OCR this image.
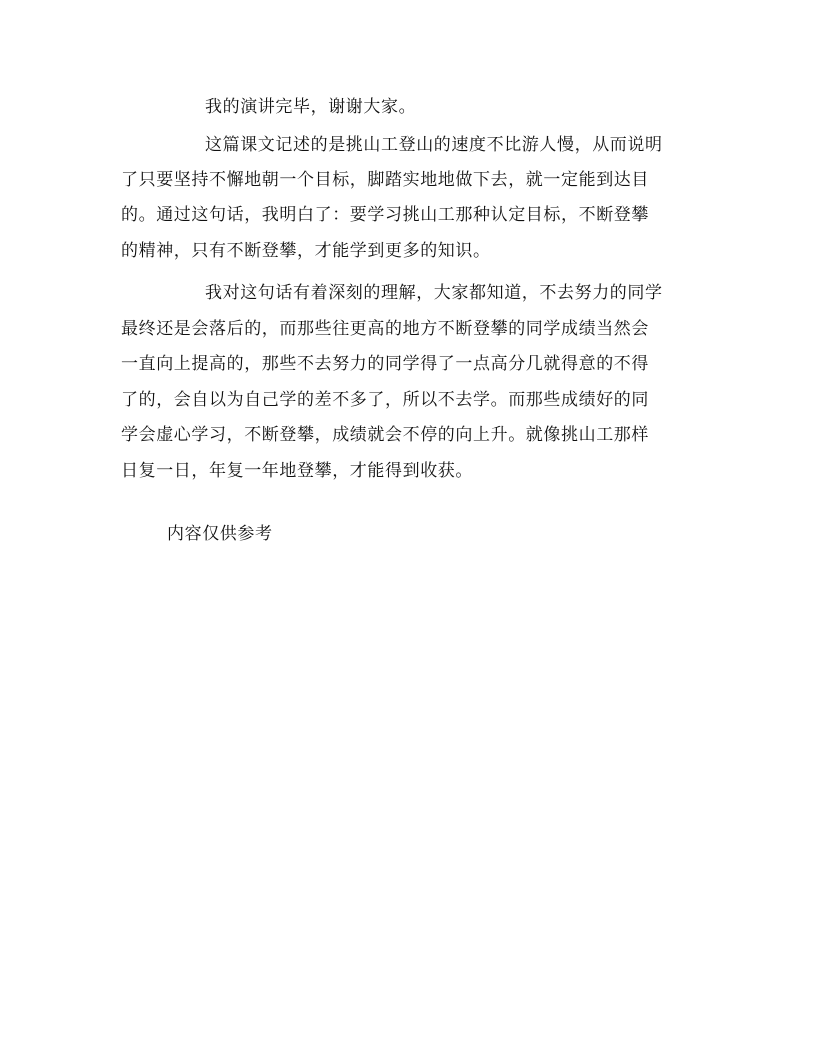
我的演讲完毕，谢谢大家。
这篇课文记述的是挑山工登山的速度不比游人慢，从而说明
了只要坚持不懈地朝一个目标，脚踏实地地做下去，就一定能到达目
的。通过这句话，我明白了：要学习挑山工那种认定目标，不断登攀
的精神，只有不断登攀，才能学到更多的知识。
我对这句话有着深刻的理解，大家都知道，不去努力的同学
最终还是会落后的，而那些往更高的地方不断登攀的同学成绩当然会
一直向上提高的，那些不去努力的同学得了一点高分几就得意的不得
了的，会自以为自己学的差不多了，所以不去学。而那些成绩好的同
学会虚心学习，不断登攀，成绩就会不停的向上升。就像挑山工那样
日复一日，年复一年地登攀，才能得到收获。
内容仅供参考
